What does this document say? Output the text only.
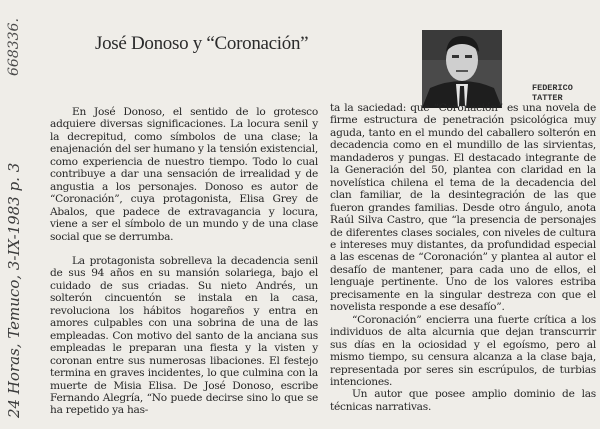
José Donoso y “Coronación”
FEDERICO
TATTER

En José Donoso, el sentido de lo grotesco adquiere diversas significaciones. La locura senil y la decrepitud, como símbolos de una clase; la enajenación del ser humano y la tensión existencial, como experiencia de nuestro tiempo. Todo lo cual contribuye a dar una sensación de irrealidad y de angustia a los personajes. Donoso es autor de “Coronación”, cuya protagonista, Elisa Grey de Abalos, que padece de extravagancia y locura, viene a ser el símbolo de un mundo y de una clase social que se derrumba.

La protagonista sobrelleva la decadencia senil de sus 94 años en su mansión solariega, bajo el cuidado de sus criadas. Su nieto Andrés, un solterón cincuentón se instala en la casa, revoluciona los hábitos hogareños y entra en amores culpables con una sobrina de una de las empleadas. Con motivo del santo de la anciana sus empleadas le preparan una fiesta y la visten y coronan entre sus numerosas libaciones. El festejo termina en graves incidentes, lo que culmina con la muerte de Misia Elisa. De José Donoso, escribe Fernando Alegría, “No puede decirse sino lo que se ha repetido ya has-

ta la saciedad: que “Coronación” es una novela de firme estructura de penetración psicológica muy aguda, tanto en el mundo del caballero solterón en decadencia como en el mundillo de las sirvientas, mandaderos y pungas. El destacado integrante de la Generación del 50, plantea con claridad en la novelística chilena el tema de la decadencia del clan familiar, de la desintegración de las que fueron grandes familias. Desde otro ángulo, anota Raúl Silva Castro, que “la presencia de personajes de diferentes clases sociales, con niveles de cultura e intereses muy distantes, da profundidad especial a las escenas de “Coronación” y plantea al autor el desafío de mantener, para cada uno de ellos, el lenguaje pertinente. Uno de los valores estriba precisamente en la singular destreza con que el novelista responde a ese desafío”.

“Coronación” encierra una fuerte crítica a los individuos de alta alcurnia que dejan transcurrir sus días en la ociosidad y el egoísmo, pero al mismo tiempo, su censura alcanza a la clase baja, representada por seres sin escrúpulos, de turbias intenciones.

Un autor que posee amplio dominio de las técnicas narrativas.

24 Horas, Temuco, 3-IX-1983 p. 3
668336.
